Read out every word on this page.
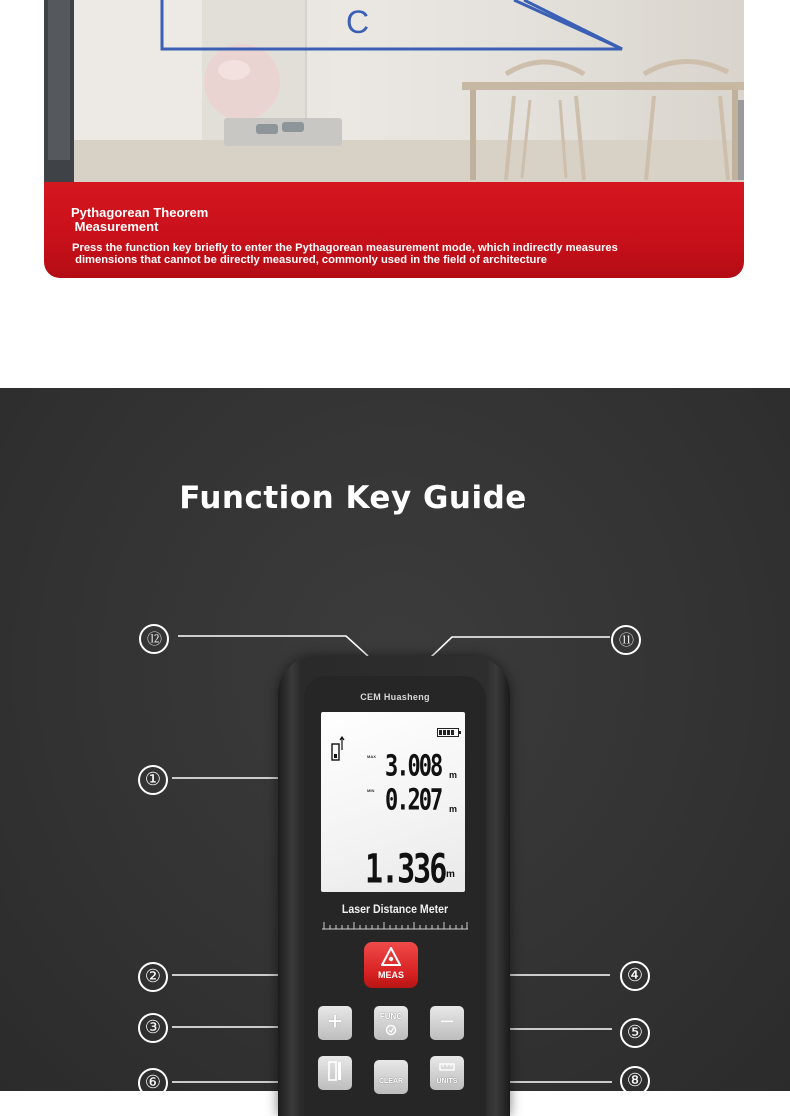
C
Pythagorean Theorem
Measurement
Press the function key briefly to enter the Pythagorean measurement mode, which indirectly measures
dimensions that cannot be directly measured, commonly used in the field of architecture
Function Key Guide
⑫	⑪
①
②
③
④
⑤
⑥	⑧
CEM Huasheng
MAX
MIN
3.008 m
0.207 m
1.336 m
Laser Distance Meter
MEAS
+	FUNC	−
CLEAR	UNITS
